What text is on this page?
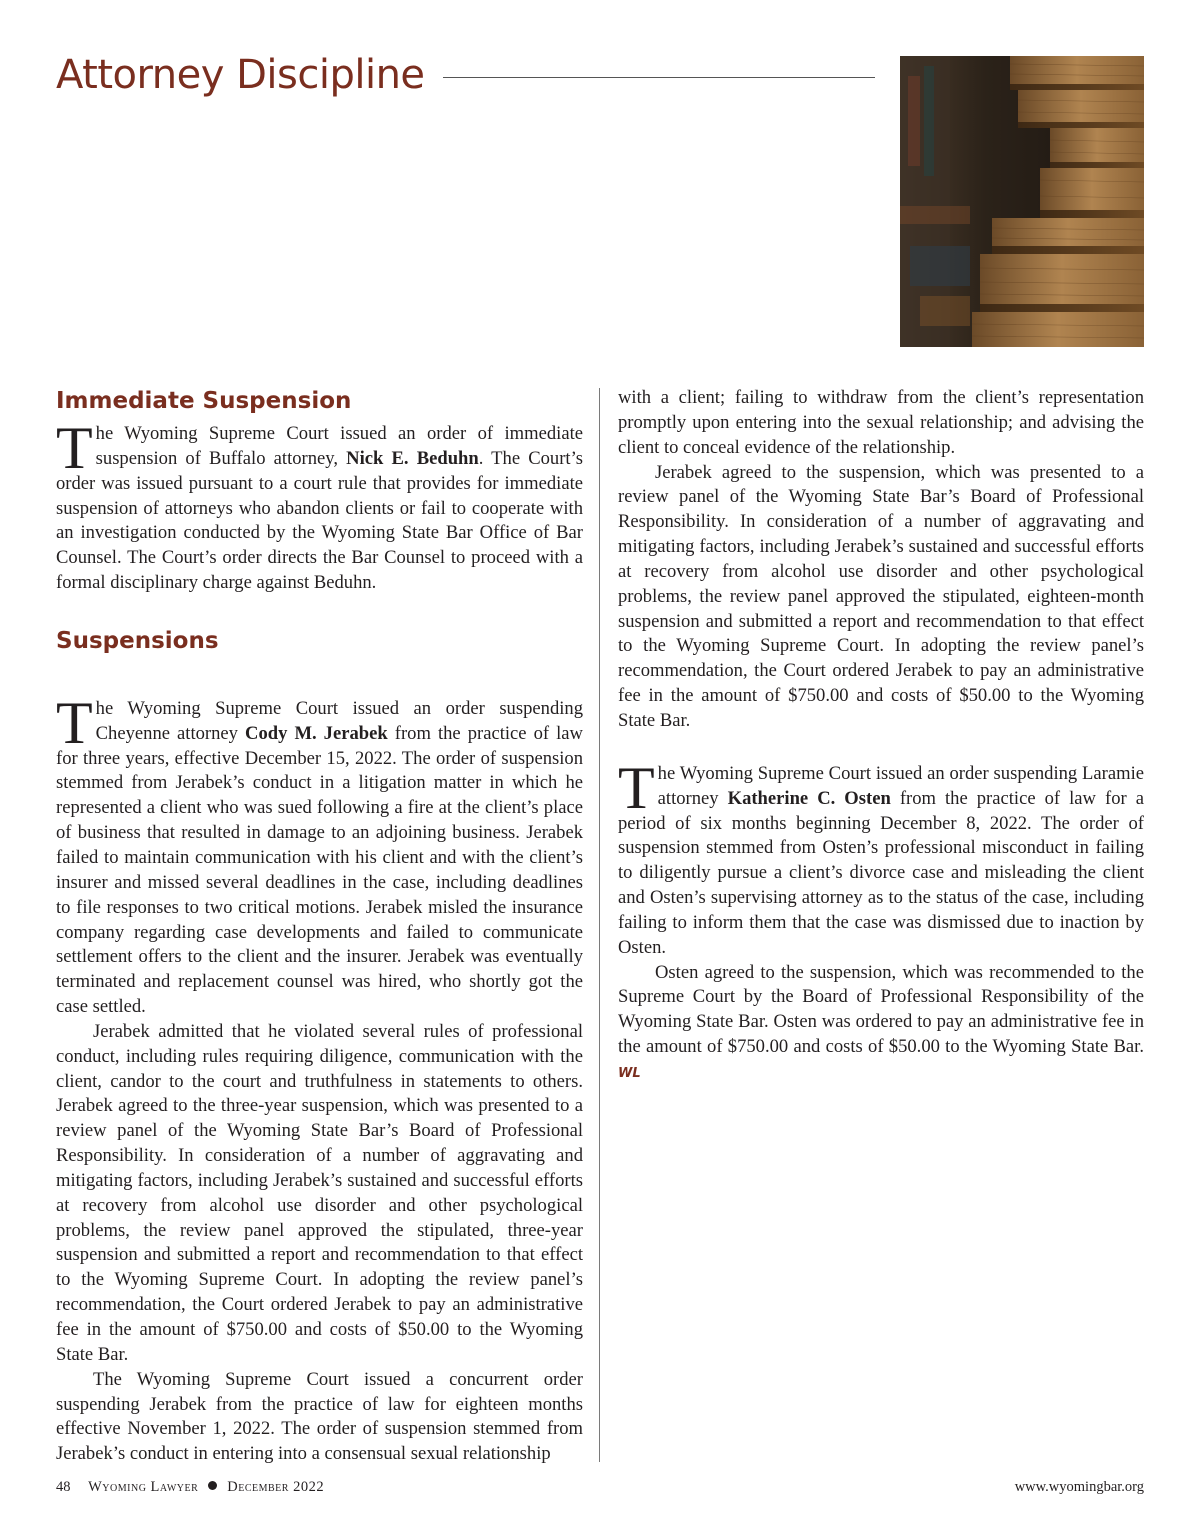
Attorney Discipline
Immediate Suspension

The Wyoming Supreme Court issued an order of immediate suspension of Buffalo attorney, Nick E. Beduhn. The Court’s order was issued pursuant to a court rule that provides for immediate suspension of attorneys who abandon clients or fail to cooperate with an investigation conducted by the Wyoming State Bar Office of Bar Counsel. The Court’s order directs the Bar Counsel to proceed with a formal disciplinary charge against Beduhn.

Suspensions

The Wyoming Supreme Court issued an order suspending Cheyenne attorney Cody M. Jerabek from the practice of law for three years, effective December 15, 2022. The order of suspension stemmed from Jerabek’s conduct in a litigation matter in which he represented a client who was sued following a fire at the client’s place of business that resulted in damage to an adjoining business. Jerabek failed to maintain communication with his client and with the client’s insurer and missed several deadlines in the case, including deadlines to file responses to two critical motions. Jerabek misled the insurance company regarding case developments and failed to communicate settlement offers to the client and the insurer. Jerabek was eventually terminated and replacement counsel was hired, who shortly got the case settled.

Jerabek admitted that he violated several rules of professional conduct, including rules requiring diligence, communication with the client, candor to the court and truthfulness in statements to others. Jerabek agreed to the three-year suspension, which was presented to a review panel of the Wyoming State Bar’s Board of Professional Responsibility. In consideration of a number of aggravating and mitigating factors, including Jerabek’s sustained and successful efforts at recovery from alcohol use disorder and other psychological problems, the review panel approved the stipulated, three-year suspension and submitted a report and recommendation to that effect to the Wyoming Supreme Court. In adopting the review panel’s recommendation, the Court ordered Jerabek to pay an administrative fee in the amount of $750.00 and costs of $50.00 to the Wyoming State Bar.

The Wyoming Supreme Court issued a concurrent order suspending Jerabek from the practice of law for eighteen months effective November 1, 2022. The order of suspension stemmed from Jerabek’s conduct in entering into a consensual sexual relationship

with a client; failing to withdraw from the client’s representation promptly upon entering into the sexual relationship; and advising the client to conceal evidence of the relationship.

Jerabek agreed to the suspension, which was presented to a review panel of the Wyoming State Bar’s Board of Professional Responsibility. In consideration of a number of aggravating and mitigating factors, including Jerabek’s sustained and successful efforts at recovery from alcohol use disorder and other psychological problems, the review panel approved the stipulated, eighteen-month suspension and submitted a report and recommendation to that effect to the Wyoming Supreme Court. In adopting the review panel’s recommendation, the Court ordered Jerabek to pay an administrative fee in the amount of $750.00 and costs of $50.00 to the Wyoming State Bar.

The Wyoming Supreme Court issued an order suspending Laramie attorney Katherine C. Osten from the practice of law for a period of six months beginning December 8, 2022. The order of suspension stemmed from Osten’s professional misconduct in failing to diligently pursue a client’s divorce case and misleading the client and Osten’s supervising attorney as to the status of the case, including failing to inform them that the case was dismissed due to inaction by Osten.

Osten agreed to the suspension, which was recommended to the Supreme Court by the Board of Professional Responsibility of the Wyoming State Bar. Osten was ordered to pay an administrative fee in the amount of $750.00 and costs of $50.00 to the Wyoming State Bar. WL

48 Wyoming Lawyer December 2022	www.wyomingbar.org
